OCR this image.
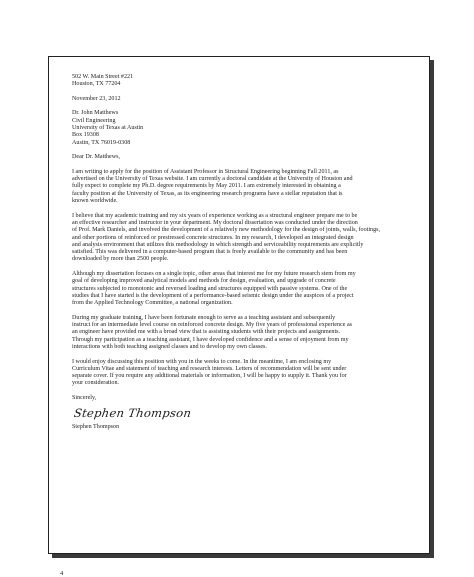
502 W. Main Street #221
Houston, TX 77204
November 23, 2012
Dr. John Matthews
Civil Engineering
University of Texas at Austin
Box 19308
Austin, TX 76019-0308
Dear Dr. Matthews,
I am writing to apply for the position of Assistant Professor in Structural Engineering beginning Fall 2011, as
advertised on the University of Texas website. I am currently a doctoral candidate at the University of Houston and
fully expect to complete my Ph.D. degree requirements by May 2011. I am extremely interested in obtaining a
faculty position at the University of Texas, as its engineering research programs have a stellar reputation that is
known worldwide.
I believe that my academic training and my six years of experience working as a structural engineer prepare me to be
an effective researcher and instructor in your department. My doctoral dissertation was conducted under the direction
of Prof. Mark Daniels, and involved the development of a relatively new methodology for the design of joints, walls, footings,
and other portions of reinforced or prestressed concrete structures. In my research, I developed an integrated design
and analysis environment that utilizes this methodology in which strength and serviceability requirements are explicitly
satisfied. This was delivered in a computer-based program that is freely available to the community and has been
downloaded by more than 2500 people.
Although my dissertation focuses on a single topic, other areas that interest me for my future research stem from my
goal of developing improved analytical models and methods for design, evaluation, and upgrade of concrete
structures subjected to monotonic and reversed loading and structures equipped with passive systems. One of the
studies that I have started is the development of a performance-based seismic design under the auspices of a project
from the Applied Technology Committee, a national organization.
During my graduate training, I have been fortunate enough to serve as a teaching assistant and subsequently
instruct for an intermediate level course on reinforced concrete design. My five years of professional experience as
an engineer have provided me with a broad view that is assisting students with their projects and assignments.
Through my participation as a teaching assistant, I have developed confidence and a sense of enjoyment from my
interactions with both teaching assigned classes and to develop my own classes.
I would enjoy discussing this position with you in the weeks to come. In the meantime, I am enclosing my
Curriculum Vitae and statement of teaching and research interests. Letters of recommendation will be sent under
separate cover. If you require any additional materials or information, I will be happy to supply it. Thank you for
your consideration.
Sincerely,
Stephen Thompson
Stephen Thompson
4
